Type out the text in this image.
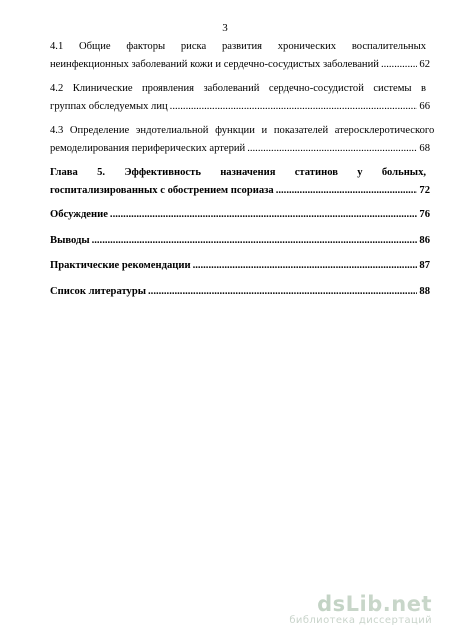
3
4.1 Общие факторы риска развития хронических воспалительных
неинфекционных заболеваний кожи и сердечно-сосудистых заболеваний .....	62
4.2 Клинические проявления заболеваний сердечно-сосудистой системы в
группах обследуемых лиц .....	66
4.3 Определение эндотелиальной функции и показателей атеросклеротического
ремоделирования периферических артерий .....	68
Глава 5. Эффективность назначения статинов у больных,
госпитализированных с обострением псориаза .....	72
Обсуждение .....	76
Выводы .....	86
Практические рекомендации .....	87
Список литературы .....	88
dsLib.net
библиотека диссертаций
